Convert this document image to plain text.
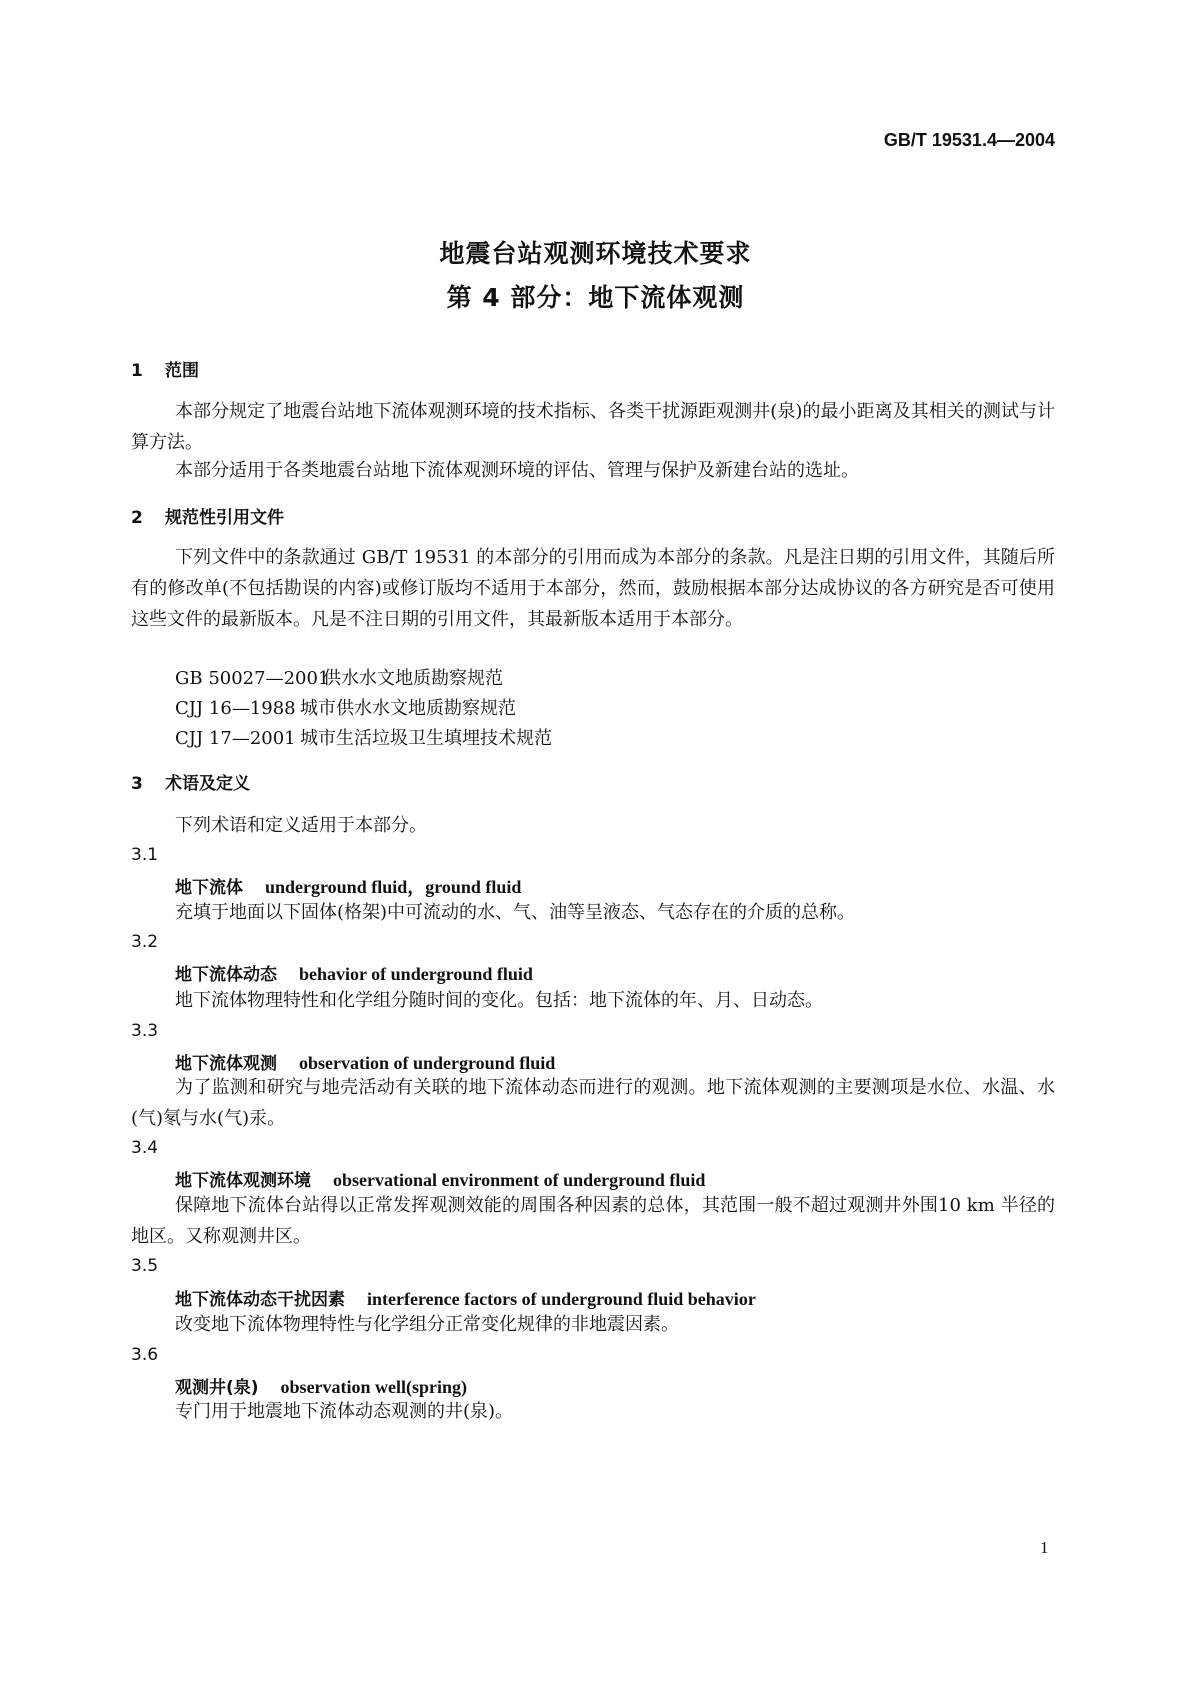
GB/T 19531.4—2004
地震台站观测环境技术要求
第 4 部分：地下流体观测
1 范围

本部分规定了地震台站地下流体观测环境的技术指标、各类干扰源距观测井(泉)的最小距离及其相关的测试与计算方法。

本部分适用于各类地震台站地下流体观测环境的评估、管理与保护及新建台站的选址。

2 规范性引用文件

下列文件中的条款通过 GB/T 19531 的本部分的引用而成为本部分的条款。凡是注日期的引用文件，其随后所有的修改单(不包括勘误的内容)或修订版均不适用于本部分，然而，鼓励根据本部分达成协议的各方研究是否可使用这些文件的最新版本。凡是不注日期的引用文件，其最新版本适用于本部分。

GB 50027—2001供水水文地质勘察规范
CJJ 16—1988 城市供水水文地质勘察规范
CJJ 17—2001 城市生活垃圾卫生填埋技术规范
3 术语及定义
下列术语和定义适用于本部分。
3.1
地下流体 underground fluid，ground fluid

充填于地面以下固体(格架)中可流动的水、气、油等呈液态、气态存在的介质的总称。

3.2
地下流体动态 behavior of underground fluid

地下流体物理特性和化学组分随时间的变化。包括：地下流体的年、月、日动态。

3.3
地下流体观测 observation of underground fluid

为了监测和研究与地壳活动有关联的地下流体动态而进行的观测。地下流体观测的主要测项是水位、水温、水(气)氡与水(气)汞。

3.4
地下流体观测环境 observational environment of underground fluid

保障地下流体台站得以正常发挥观测效能的周围各种因素的总体，其范围一般不超过观测井外围10 km 半径的地区。又称观测井区。

3.5
地下流体动态干扰因素 interference factors of underground fluid behavior

改变地下流体物理特性与化学组分正常变化规律的非地震因素。

3.6
观测井(泉) observation well(spring)

专门用于地震地下流体动态观测的井(泉)。

1
